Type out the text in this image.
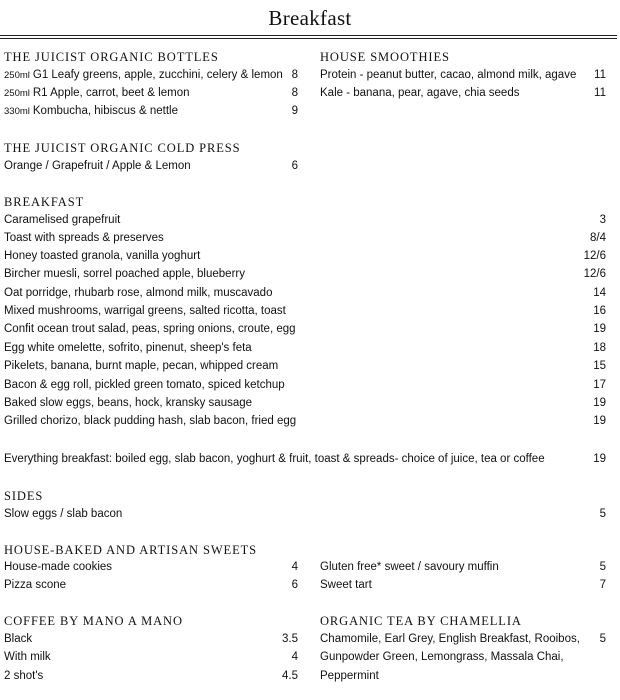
Breakfast
THE JUICIST ORGANIC BOTTLES
250ml G1 Leafy greens, apple, zucchini, celery & lemon 8
250ml R1 Apple, carrot, beet & lemon	8
330ml Kombucha, hibiscus & nettle	9
HOUSE SMOOTHIES
Protein - peanut butter, cacao, almond milk, agave 11
Kale - banana, pear, agave, chia seeds	11
THE JUICIST ORGANIC COLD PRESS
Orange / Grapefruit / Apple & Lemon	6
BREAKFAST
Caramelised grapefruit	3
Toast with spreads & preserves	8/4
Honey toasted granola, vanilla yoghurt	12/6
Bircher muesli, sorrel poached apple, blueberry	12/6
Oat porridge, rhubarb rose, almond milk, muscavado	14
Mixed mushrooms, warrigal greens, salted ricotta, toast	16
Confit ocean trout salad, peas, spring onions, croute, egg	19
Egg white omelette, sofrito, pinenut, sheep's feta	18
Pikelets, banana, burnt maple, pecan, whipped cream	15
Bacon & egg roll, pickled green tomato, spiced ketchup	17
Baked slow eggs, beans, hock, kransky sausage	19
Grilled chorizo, black pudding hash, slab bacon, fried egg	19
Everything breakfast: boiled egg, slab bacon, yoghurt & fruit, toast & spreads- choice of juice, tea or coffee	19
SIDES
Slow eggs / slab bacon	5
HOUSE-BAKED AND ARTISAN SWEETS
House-made cookies	4
Pizza scone	6
Gluten free* sweet / savoury muffin	5
Sweet tart	7
COFFEE BY MANO A MANO
Black	3.5
With milk	4
2 shot's	4.5
ORGANIC TEA BY CHAMELLIA
Chamomile, Earl Grey, English Breakfast, Rooibos, 5
Gunpowder Green, Lemongrass, Massala Chai,
Peppermint
